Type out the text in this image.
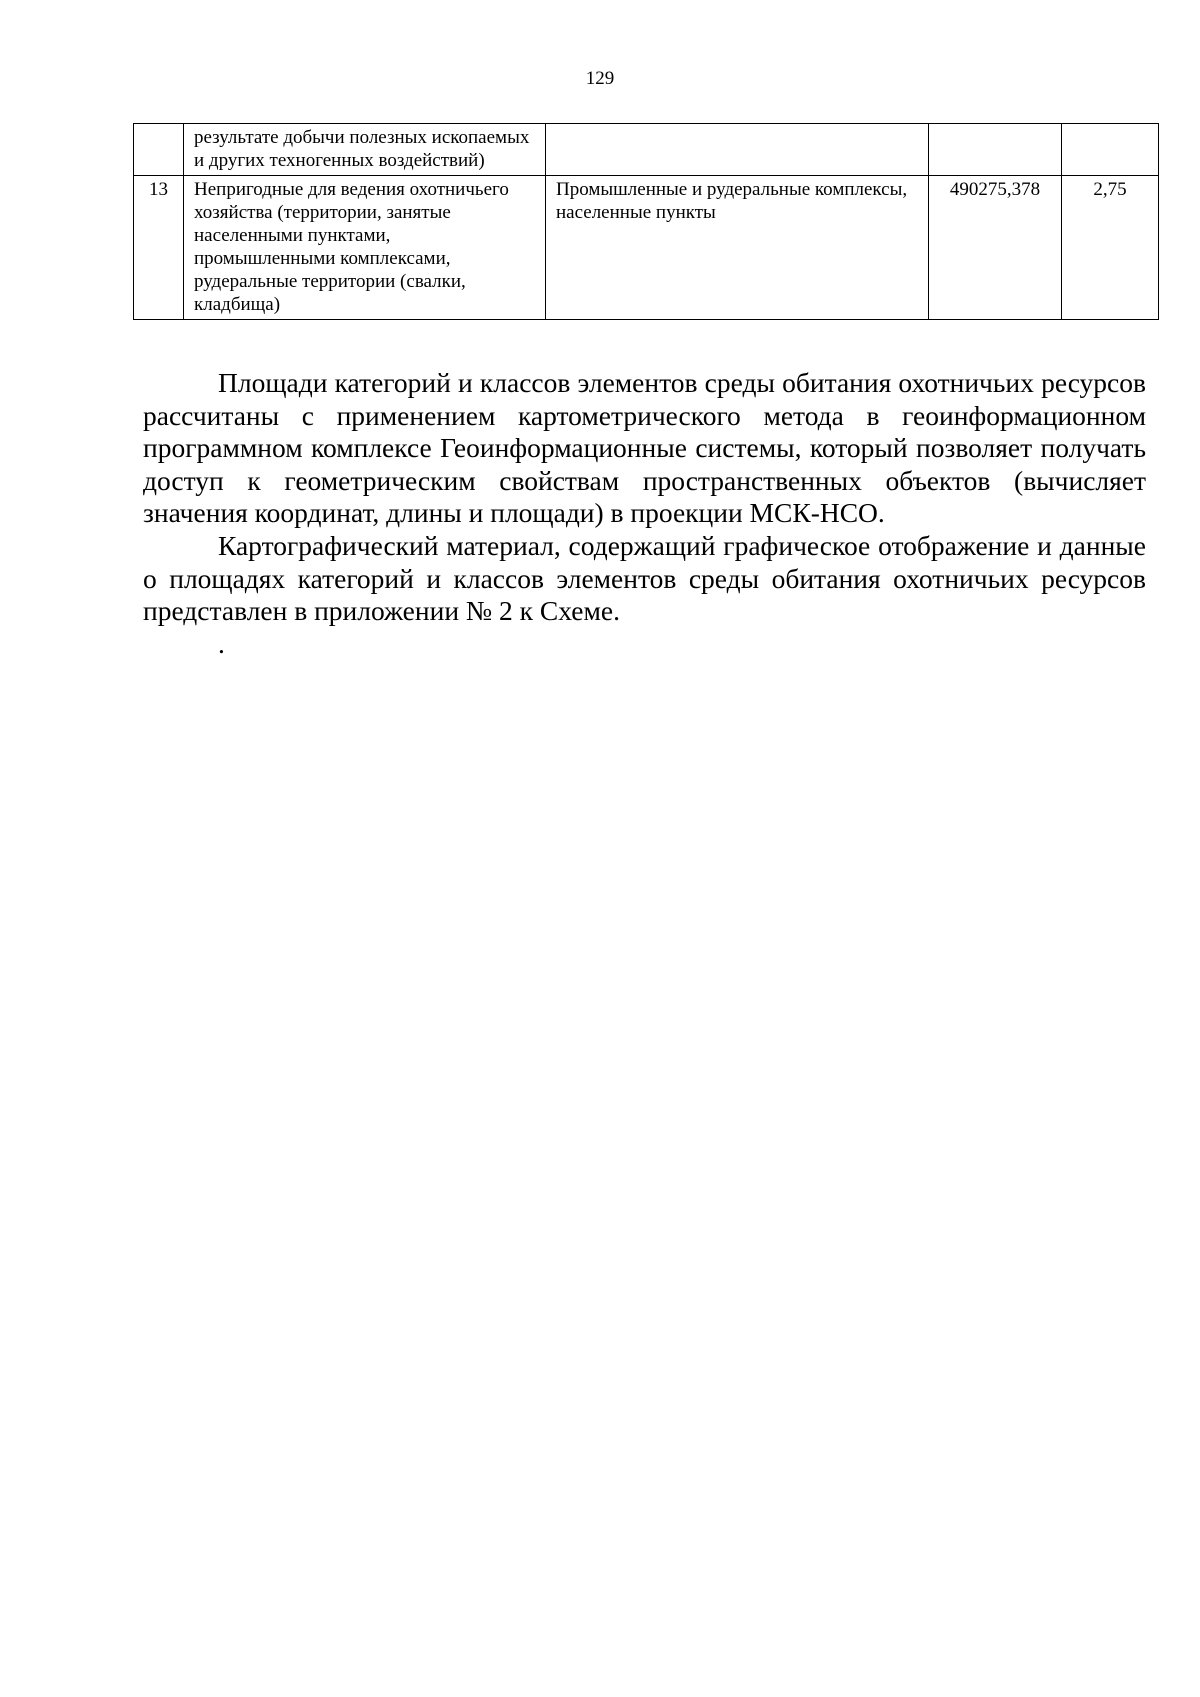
129
	результате добычи полезных ископаемых и других техногенных воздействий)			
13	Непригодные для ведения охотничьего хозяйства (территории, занятые населенными пунктами, промышленными комплексами, рудеральные территории (свалки, кладбища)	Промышленные и рудеральные комплексы, населенные пункты	490275,378	2,75

Площади категорий и классов элементов среды обитания охотничьих ресурсов рассчитаны с применением картометрического метода в геоинформационном программном комплексе Геоинформационные системы, который позволяет получать доступ к геометрическим свойствам пространственных объектов (вычисляет значения координат, длины и площади) в проекции МСК-НСО.

Картографический материал, содержащий графическое отображение и данные о площадях категорий и классов элементов среды обитания охотничьих ресурсов представлен в приложении № 2 к Схеме.

.
